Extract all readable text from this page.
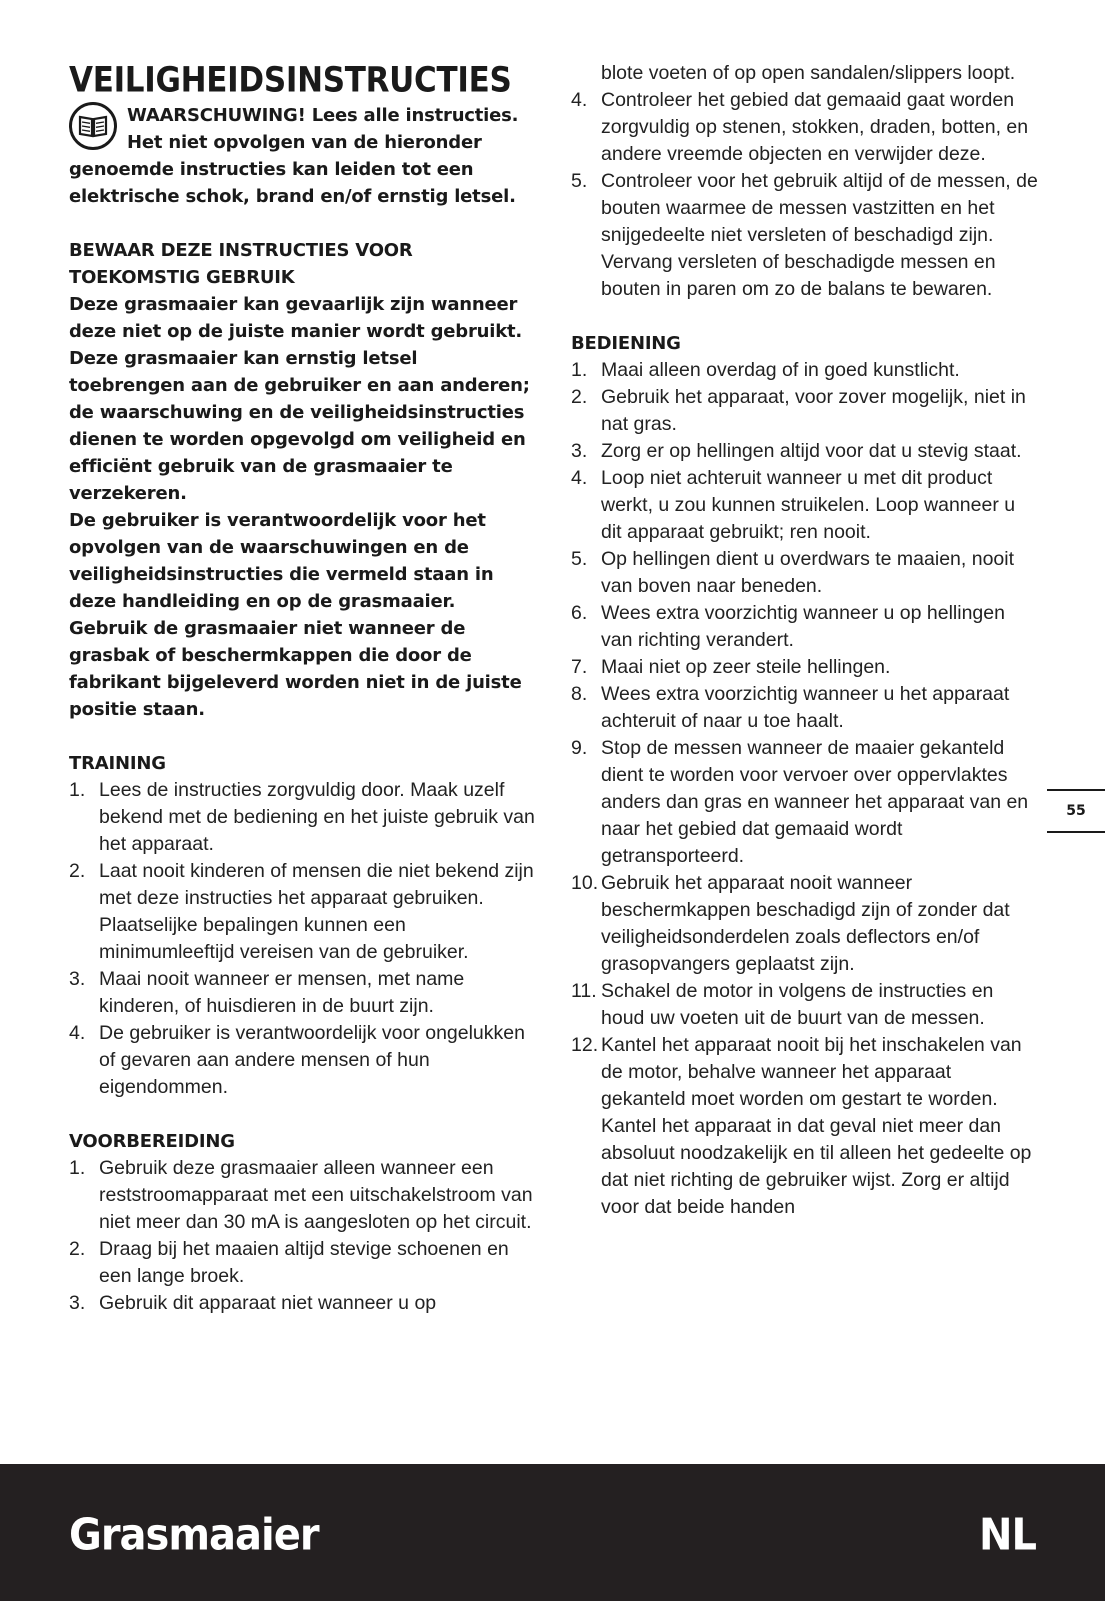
VEILIGHEIDSINSTRUCTIES

WAARSCHUWING! Lees alle instructies. Het niet opvolgen van de hieronder genoemde instructies kan leiden tot een elektrische schok, brand en/of ernstig letsel.

BEWAAR DEZE INSTRUCTIES VOOR TOEKOMSTIG GEBRUIK

Deze grasmaaier kan gevaarlijk zijn wanneer deze niet op de juiste manier wordt gebruikt.

Deze grasmaaier kan ernstig letsel toebrengen aan de gebruiker en aan anderen; de waarschuwing en de veiligheidsinstructies dienen te worden opgevolgd om veiligheid en efficiënt gebruik van de grasmaaier te verzekeren.

De gebruiker is verantwoordelijk voor het opvolgen van de waarschuwingen en de veiligheidsinstructies die vermeld staan in deze handleiding en op de grasmaaier. Gebruik de grasmaaier niet wanneer de grasbak of beschermkappen die door de fabrikant bijgeleverd worden niet in de juiste positie staan.

TRAINING
1. Lees de instructies zorgvuldig door. Maak uzelf bekend met de bediening en het juiste gebruik van het apparaat.
2. Laat nooit kinderen of mensen die niet bekend zijn met deze instructies het apparaat gebruiken. Plaatselijke bepalingen kunnen een minimumleeftijd vereisen van de gebruiker.
3. Maai nooit wanneer er mensen, met name kinderen, of huisdieren in de buurt zijn.
4. De gebruiker is verantwoordelijk voor ongelukken of gevaren aan andere mensen of hun eigendommen.
VOORBEREIDING
1. Gebruik deze grasmaaier alleen wanneer een reststroomapparaat met een uitschakelstroom van niet meer dan 30 mA is aangesloten op het circuit.
2. Draag bij het maaien altijd stevige schoenen en een lange broek.
3. Gebruik dit apparaat niet wanneer u op
blote voeten of op open sandalen/slippers loopt.
4. Controleer het gebied dat gemaaid gaat worden zorgvuldig op stenen, stokken, draden, botten, en andere vreemde objecten en verwijder deze.
5. Controleer voor het gebruik altijd of de messen, de bouten waarmee de messen vastzitten en het snijgedeelte niet versleten of beschadigd zijn. Vervang versleten of beschadigde messen en bouten in paren om zo de balans te bewaren.
BEDIENING
1. Maai alleen overdag of in goed kunstlicht.
2. Gebruik het apparaat, voor zover mogelijk, niet in nat gras.
3. Zorg er op hellingen altijd voor dat u stevig staat.
4. Loop niet achteruit wanneer u met dit product werkt, u zou kunnen struikelen. Loop wanneer u dit apparaat gebruikt; ren nooit.
5. Op hellingen dient u overdwars te maaien, nooit van boven naar beneden.
6. Wees extra voorzichtig wanneer u op hellingen van richting verandert.
7. Maai niet op zeer steile hellingen.
8. Wees extra voorzichtig wanneer u het apparaat achteruit of naar u toe haalt.
9. Stop de messen wanneer de maaier gekanteld dient te worden voor vervoer over oppervlaktes anders dan gras en wanneer het apparaat van en naar het gebied dat gemaaid wordt getransporteerd.
10. Gebruik het apparaat nooit wanneer beschermkappen beschadigd zijn of zonder dat veiligheidsonderdelen zoals deflectors en/of grasopvangers geplaatst zijn.
11. Schakel de motor in volgens de instructies en houd uw voeten uit de buurt van de messen.
12. Kantel het apparaat nooit bij het inschakelen van de motor, behalve wanneer het apparaat gekanteld moet worden om gestart te worden. Kantel het apparaat in dat geval niet meer dan absoluut noodzakelijk en til alleen het gedeelte op dat niet richting de gebruiker wijst. Zorg er altijd voor dat beide handen
55
Grasmaaier	NL
